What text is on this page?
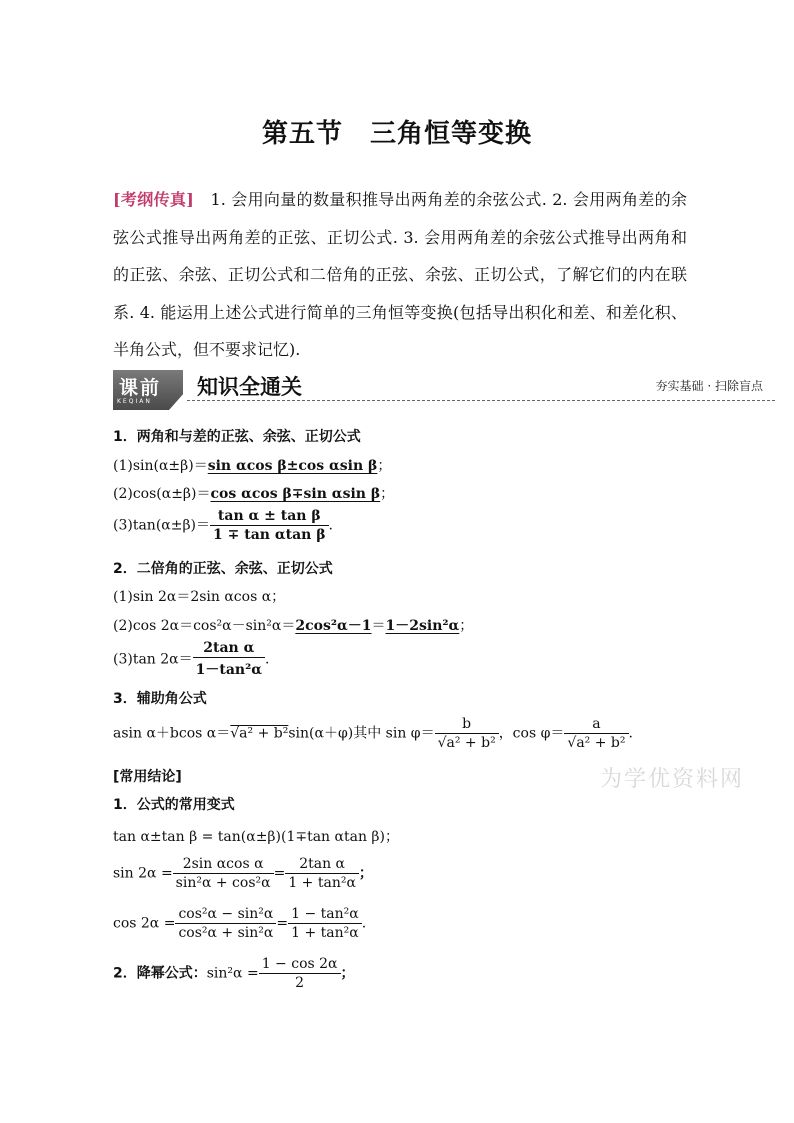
第五节　三角恒等变换
[考纲传真]　1. 会用向量的数量积推导出两角差的余弦公式. 2. 会用两角差的余弦公式推导出两角差的正弦、正切公式. 3. 会用两角差的余弦公式推导出两角和的正弦、余弦、正切公式和二倍角的正弦、余弦、正切公式，了解它们的内在联系. 4. 能运用上述公式进行简单的三角恒等变换(包括导出积化和差、和差化积、半角公式，但不要求记忆).
课前
KEQIAN
知识全通关	夯实基础 · 扫除盲点
1．两角和与差的正弦、余弦、正切公式
(1)sin(α±β)＝sin αcos β±cos αsin β；
(2)cos(α±β)＝cos αcos β∓sin αsin β；
$(3)\tan(\alpha\pm\beta)= \frac{\text{tan α ± tan β}}{\text{1 ∓ tan αtan β}}$ .
2．二倍角的正弦、余弦、正切公式
(1)sin 2α＝2sin αcos α；
(2)cos 2α＝cos²α－sin²α＝2cos²α－1＝1－2sin²α；
(3)tan $2\alpha= \frac{\text{2tan α}}{\text{1－tan²α}}$ .
3．辅助角公式
asin α＋bcos α＝√a² + b²sin(α＋φ)其中 $\sin \varphi= \frac{b}{\text{√a² + b²}}$ ，$\cos \varphi= \frac{a}{\text{√a² + b²}}$ .
[常用结论]
1．公式的常用变式
tan α±tan β = tan(α±β)(1∓tan αtan β)；
$\sin 2\alpha = \frac{\text{2sin αcos α}}{\text{sin²α + cos²α}} = \frac{\text{2tan α}}{\text{1 + tan²α}}$ ；
$\cos 2\alpha = \frac{\text{cos²α − sin²α}}{\text{cos²α + sin²α}} = \frac{\text{1 − tan²α}}{\text{1 + tan²α}}$ .
2．降幂公式：$\sin^2\alpha = \frac{1 - \cos 2\alpha}{2}$ ；
为学优资料网
